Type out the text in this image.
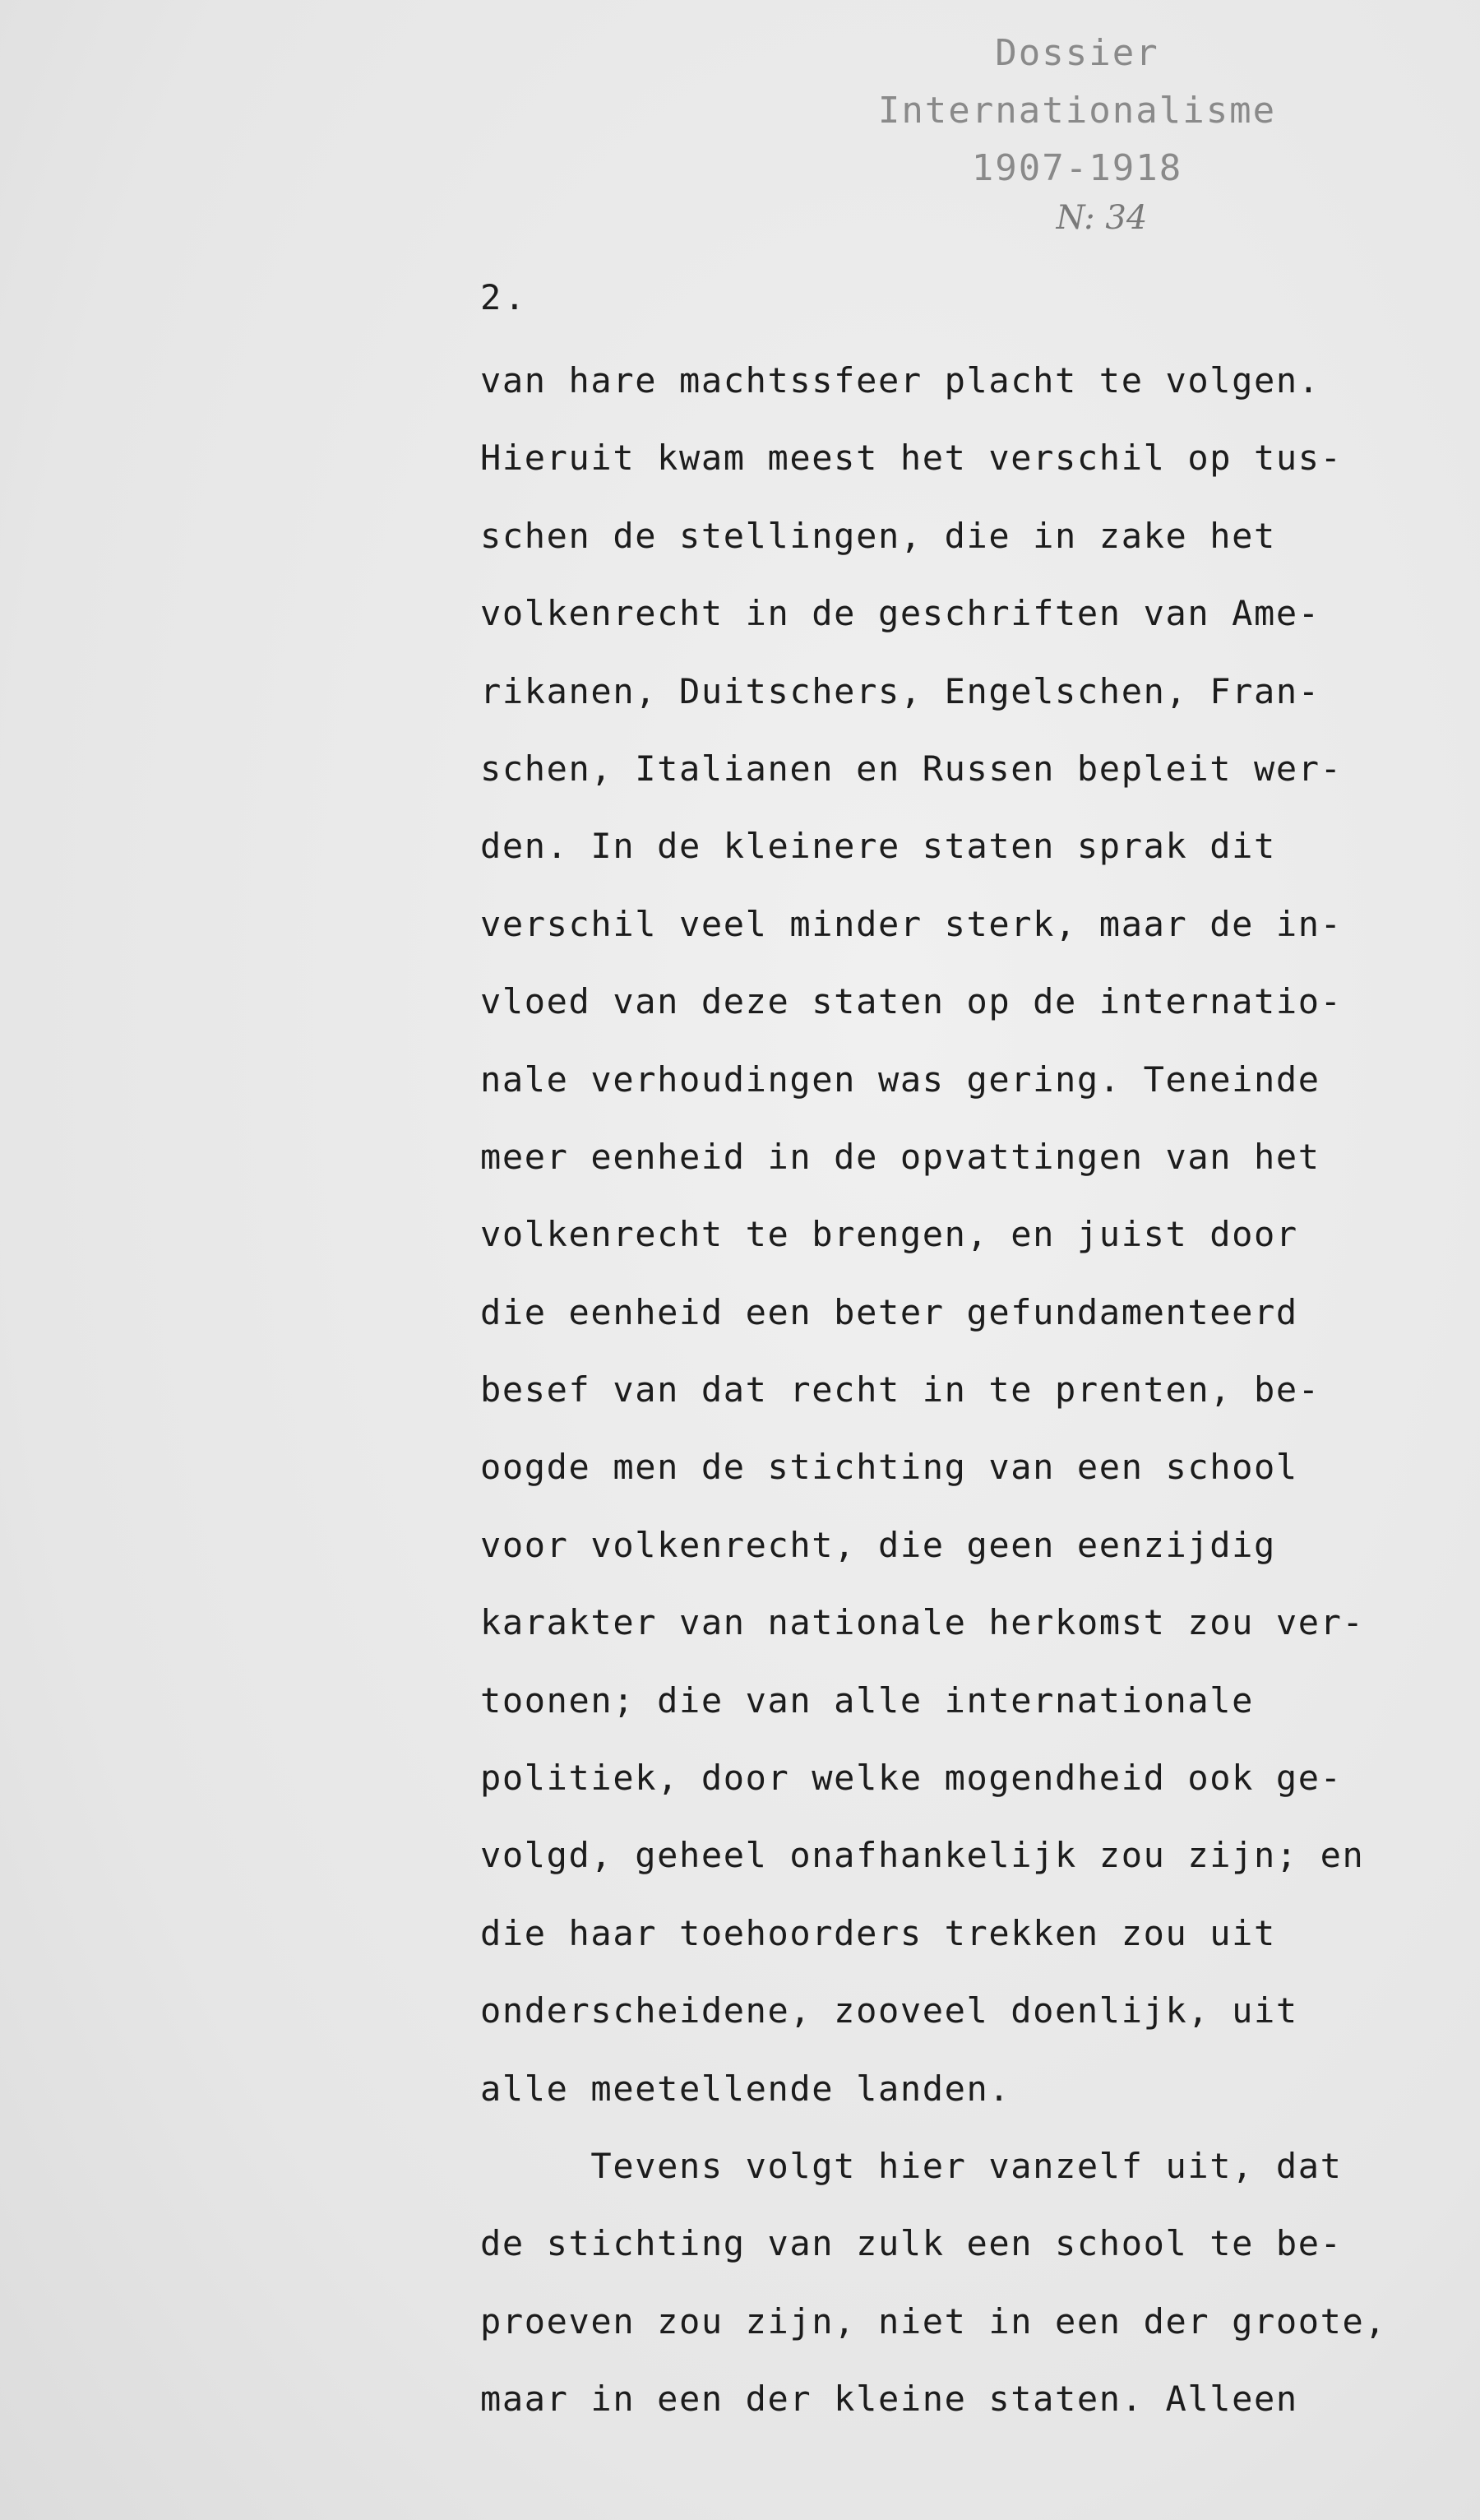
Dossier
Internationalisme
1907-1918
N: 34
2.
van hare machtssfeer placht te volgen.
Hieruit kwam meest het verschil op tus-
schen de stellingen, die in zake het
volkenrecht in de geschriften van Ame-
rikanen, Duitschers, Engelschen, Fran-
schen, Italianen en Russen bepleit wer-
den. In de kleinere staten sprak dit
verschil veel minder sterk, maar de in-
vloed van deze staten op de internatio-
nale verhoudingen was gering. Teneinde
meer eenheid in de opvattingen van het
volkenrecht te brengen, en juist door
die eenheid een beter gefundamenteerd
besef van dat recht in te prenten, be-
oogde men de stichting van een school
voor volkenrecht, die geen eenzijdig
karakter van nationale herkomst zou ver-
toonen; die van alle internationale
politiek, door welke mogendheid ook ge-
volgd, geheel onafhankelijk zou zijn; en
die haar toehoorders trekken zou uit
onderscheidene, zooveel doenlijk, uit
alle meetellende landen.
Tevens volgt hier vanzelf uit, dat
de stichting van zulk een school te be-
proeven zou zijn, niet in een der groote,
maar in een der kleine staten. Alleen
